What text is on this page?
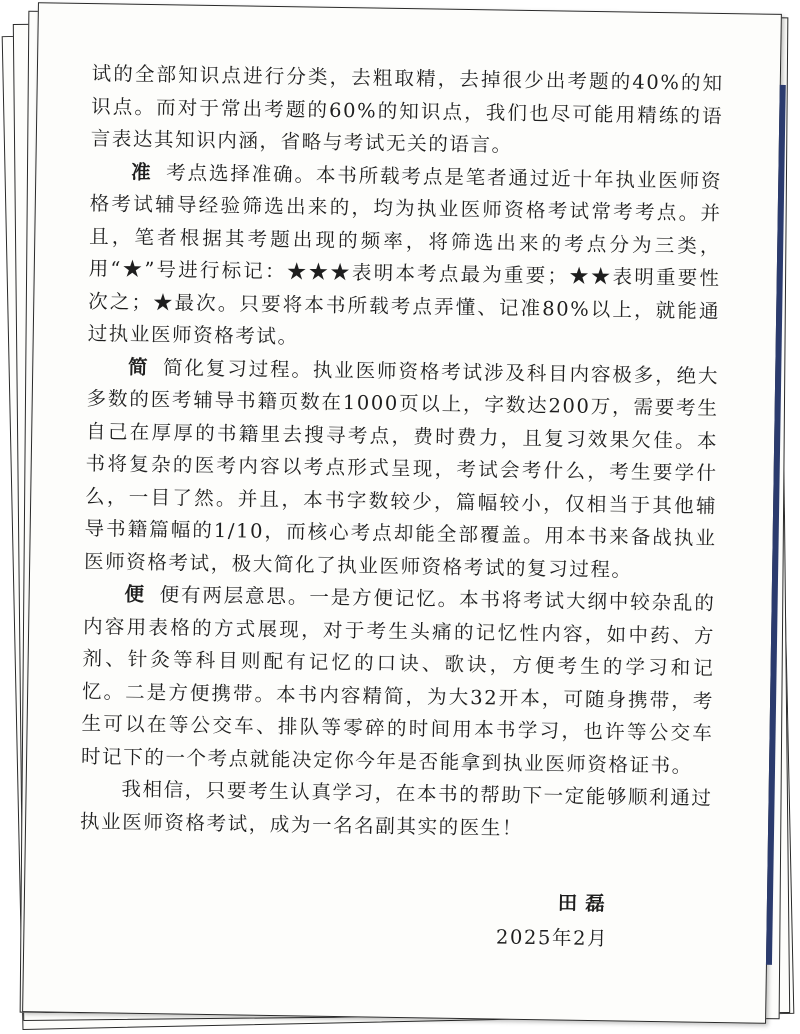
试的全部知识点进行分类，去粗取精，去掉很少出考题的40%的知识点。而对于常出考题的60%的知识点，我们也尽可能用精练的语言表达其知识内涵，省略与考试无关的语言。

准 考点选择准确。本书所载考点是笔者通过近十年执业医师资格考试辅导经验筛选出来的，均为执业医师资格考试常考考点。并且，笔者根据其考题出现的频率，将筛选出来的考点分为三类，用“★”号进行标记：★★★表明本考点最为重要；★★表明重要性次之；★最次。只要将本书所载考点弄懂、记准80%以上，就能通过执业医师资格考试。

简 简化复习过程。执业医师资格考试涉及科目内容极多，绝大多数的医考辅导书籍页数在1000页以上，字数达200万，需要考生自己在厚厚的书籍里去搜寻考点，费时费力，且复习效果欠佳。本书将复杂的医考内容以考点形式呈现，考试会考什么，考生要学什么，一目了然。并且，本书字数较少，篇幅较小，仅相当于其他辅导书籍篇幅的1/10，而核心考点却能全部覆盖。用本书来备战执业医师资格考试，极大简化了执业医师资格考试的复习过程。

便 便有两层意思。一是方便记忆。本书将考试大纲中较杂乱的内容用表格的方式展现，对于考生头痛的记忆性内容，如中药、方剂、针灸等科目则配有记忆的口诀、歌诀，方便考生的学习和记忆。二是方便携带。本书内容精简，为大32开本，可随身携带，考生可以在等公交车、排队等零碎的时间用本书学习，也许等公交车时记下的一个考点就能决定你今年是否能拿到执业医师资格证书。

我相信，只要考生认真学习，在本书的帮助下一定能够顺利通过执业医师资格考试，成为一名名副其实的医生！

田磊
2025年2月
